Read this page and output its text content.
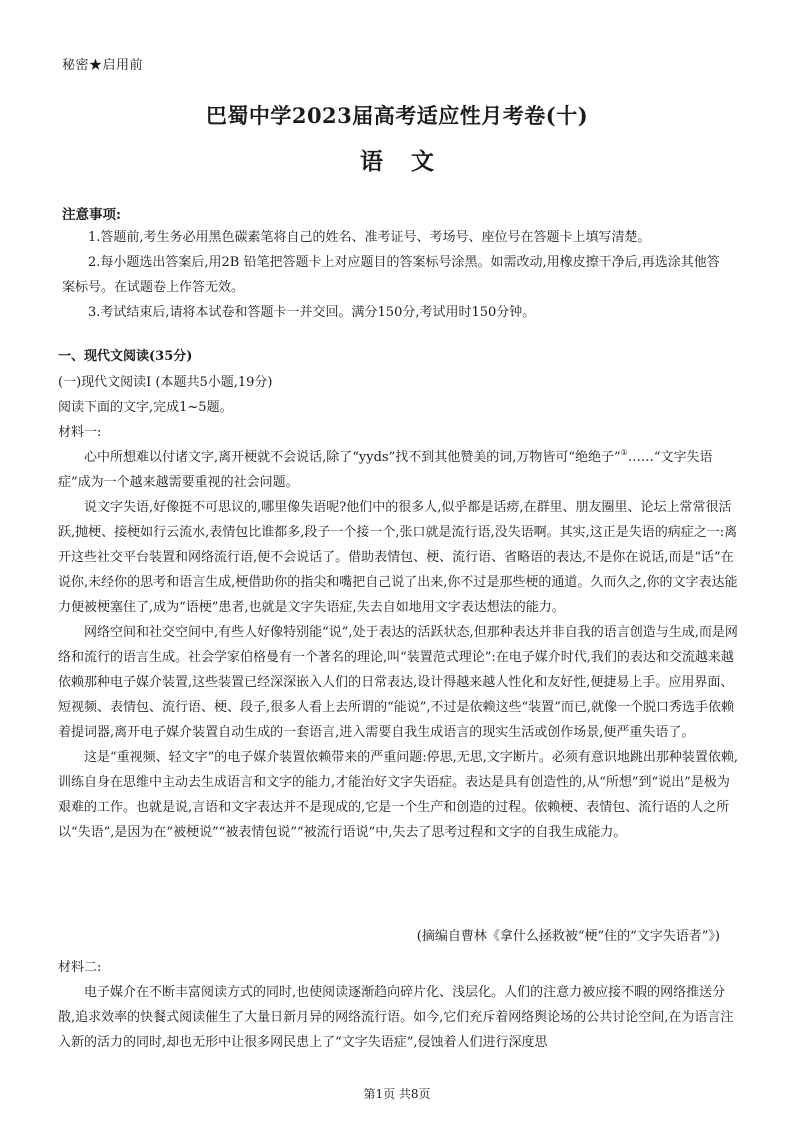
秘密★启用前
巴蜀中学2023届高考适应性月考卷(十)
语文
注意事项:

1.答题前,考生务必用黑色碳素笔将自己的姓名、准考证号、考场号、座位号在答题卡上填写清楚。

2.每小题选出答案后,用2B 铅笔把答题卡上对应题目的答案标号涂黑。如需改动,用橡皮擦干净后,再选涂其他答案标号。在试题卷上作答无效。

3.考试结束后,请将本试卷和答题卡一并交回。满分150分,考试用时150分钟。

一、现代文阅读(35分)

(一)现代文阅读Ⅰ (本题共5小题,19分)

阅读下面的文字,完成1~5题。

材料一:

心中所想难以付诸文字,离开梗就不会说话,除了“yyds”找不到其他赞美的词,万物皆可“绝绝子”①……“文字失语症”成为一个越来越需要重视的社会问题。

说文字失语,好像挺不可思议的,哪里像失语呢?他们中的很多人,似乎都是话痨,在群里、朋友圈里、论坛上常常很活跃,抛梗、接梗如行云流水,表情包比谁都多,段子一个接一个,张口就是流行语,没失语啊。其实,这正是失语的病症之一:离开这些社交平台装置和网络流行语,便不会说话了。借助表情包、梗、流行语、省略语的表达,不是你在说话,而是“话”在说你,未经你的思考和语言生成,梗借助你的指尖和嘴把自己说了出来,你不过是那些梗的通道。久而久之,你的文字表达能力便被梗塞住了,成为“语梗”患者,也就是文字失语症,失去自如地用文字表达想法的能力。

网络空间和社交空间中,有些人好像特别能“说”,处于表达的活跃状态,但那种表达并非自我的语言创造与生成,而是网络和流行的语言生成。社会学家伯格曼有一个著名的理论,叫“装置范式理论”:在电子媒介时代,我们的表达和交流越来越依赖那种电子媒介装置,这些装置已经深深嵌入人们的日常表达,设计得越来越人性化和友好性,便捷易上手。应用界面、短视频、表情包、流行语、梗、段子,很多人看上去所谓的“能说”,不过是依赖这些“装置”而已,就像一个脱口秀选手依赖着提词器,离开电子媒介装置自动生成的一套语言,进入需要自我生成语言的现实生活或创作场景,便严重失语了。

这是“重视频、轻文字”的电子媒介装置依赖带来的严重问题:停思,无思,文字断片。必须有意识地跳出那种装置依赖,训练自身在思维中主动去生成语言和文字的能力,才能治好文字失语症。表达是具有创造性的,从“所想”到“说出”是极为艰难的工作。也就是说,言语和文字表达并不是现成的,它是一个生产和创造的过程。依赖梗、表情包、流行语的人之所以“失语”,是因为在“被梗说”“被表情包说”“被流行语说”中,失去了思考过程和文字的自我生成能力。

(摘编自曹林《拿什么拯救被“梗”住的“文字失语者”》)

材料二:

电子媒介在不断丰富阅读方式的同时,也使阅读逐渐趋向碎片化、浅层化。人们的注意力被应接不暇的网络推送分散,追求效率的快餐式阅读催生了大量日新月异的网络流行语。如今,它们充斥着网络舆论场的公共讨论空间,在为语言注入新的活力的同时,却也无形中让很多网民患上了“文字失语症”,侵蚀着人们进行深度思

第1页 共8页
